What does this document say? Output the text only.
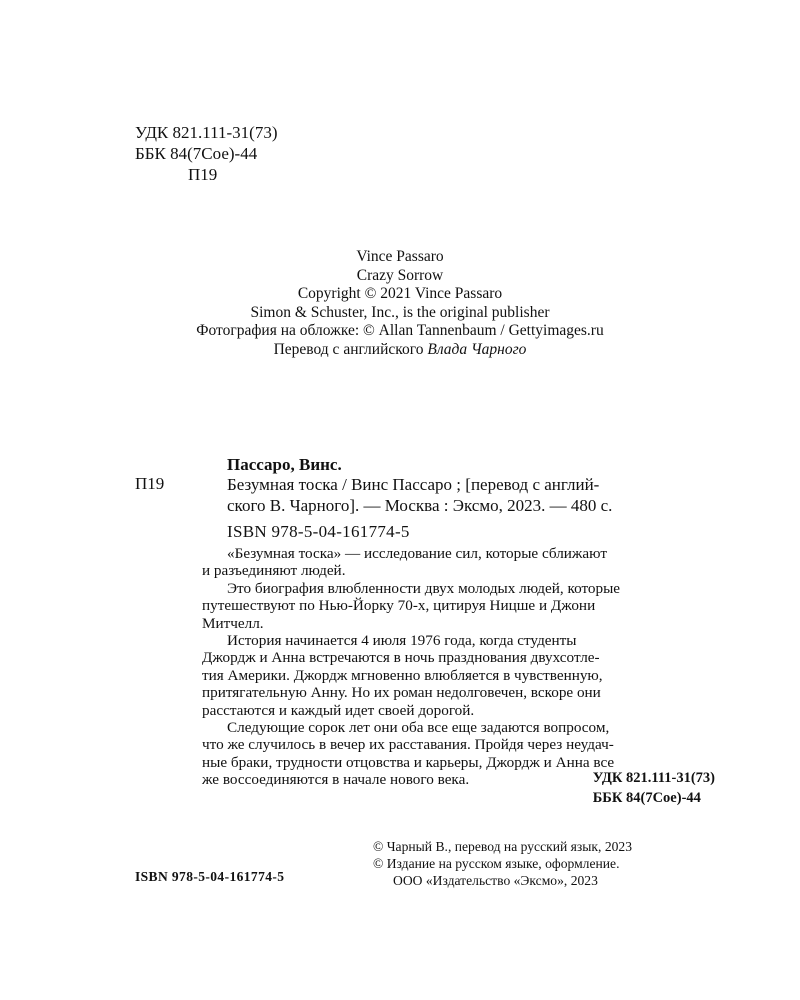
УДК 821.111-31(73)
ББК 84(7Сое)-44
П19
Vince Passaro
Crazy Sorrow
Copyright © 2021 Vince Passaro
Simon & Schuster, Inc., is the original publisher
Фотография на обложке: © Allan Tannenbaum / Gettyimages.ru
Перевод с английского Влада Чарного
Пассаро, Винс.
П19	Безумная тоска / Винс Пассаро ; [перевод с англий-
ского В. Чарного]. — Москва : Эксмо, 2023. — 480 с.
ISBN 978-5-04-161774-5
«Безумная тоска» — исследование сил, которые сближают
и разъединяют людей.
Это биография влюбленности двух молодых людей, которые
путешествуют по Нью-Йорку 70-х, цитируя Ницше и Джони
Митчелл.
История начинается 4 июля 1976 года, когда студенты
Джордж и Анна встречаются в ночь празднования двухсотле-
тия Америки. Джордж мгновенно влюбляется в чувственную,
притягательную Анну. Но их роман недолговечен, вскоре они
расстаются и каждый идет своей дорогой.
Следующие сорок лет они оба все еще задаются вопросом,
что же случилось в вечер их расставания. Пройдя через неудач-
ные браки, трудности отцовства и карьеры, Джордж и Анна все
же воссоединяются в начале нового века.	УДК 821.111-31(73)
ББК 84(7Сое)-44
© Чарный В., перевод на русский язык, 2023
© Издание на русском языке, оформление.
ООО «Издательство «Эксмо», 2023
ISBN 978-5-04-161774-5
